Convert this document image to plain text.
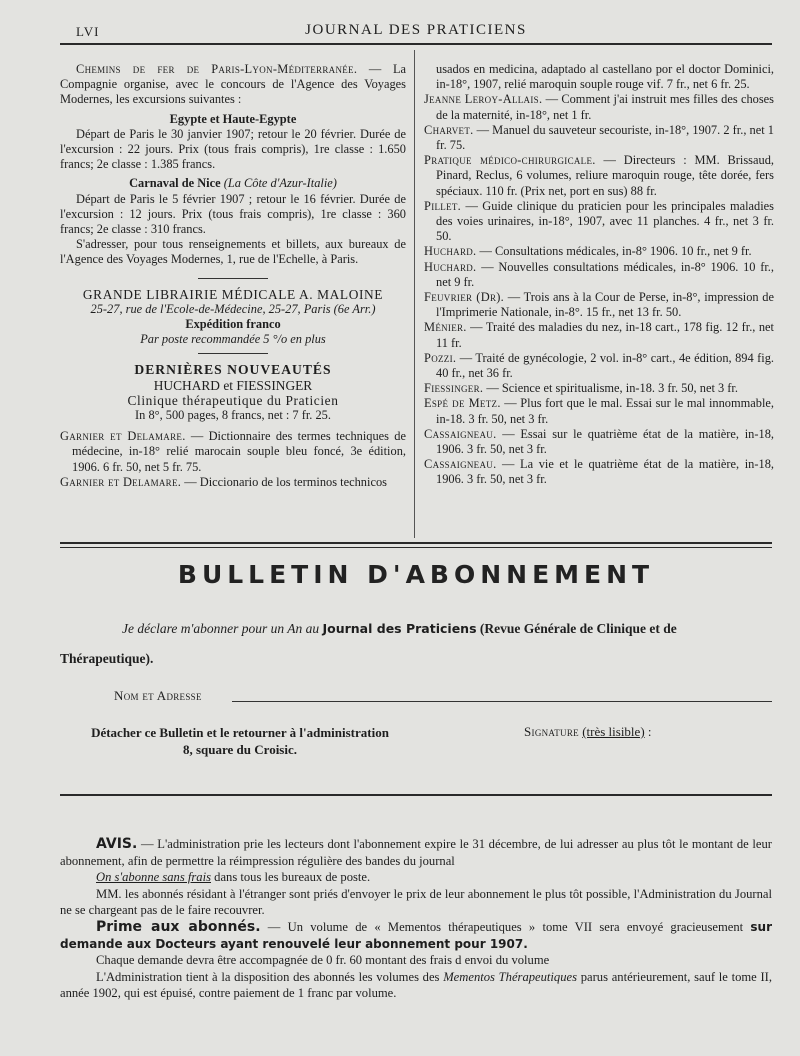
LVI	JOURNAL DES PRATICIENS

Chemins de fer de Paris-Lyon-Méditerranée. — La Compagnie organise, avec le concours de l'Agence des Voyages Modernes, les excursions suivantes :

Egypte et Haute-Egypte

Départ de Paris le 30 janvier 1907; retour le 20 février. Durée de l'excursion : 22 jours. Prix (tous frais compris), 1re classe : 1.650 francs; 2e classe : 1.385 francs.

Carnaval de Nice (La Côte d'Azur-Italie)

Départ de Paris le 5 février 1907 ; retour le 16 février. Durée de l'excursion : 12 jours. Prix (tous frais compris), 1re classe : 360 francs; 2e classe : 310 francs.

S'adresser, pour tous renseignements et billets, aux bureaux de l'Agence des Voyages Modernes, 1, rue de l'Echelle, à Paris.

GRANDE LIBRAIRIE MÉDICALE A. MALOINE

25-27, rue de l'Ecole-de-Médecine, 25-27, Paris (6e Arr.)

Expédition franco

Par poste recommandée 5 °/o en plus

DERNIÈRES NOUVEAUTÉS

HUCHARD et FIESSINGER

Clinique thérapeutique du Praticien

In 8°, 500 pages, 8 francs, net : 7 fr. 25.

Garnier et Delamare. — Dictionnaire des termes techniques de médecine, in-18° relié marocain souple bleu foncé, 3e édition, 1906. 6 fr. 50, net 5 fr. 75.

Garnier et Delamare. — Diccionario de los terminos technicos

usados en medicina, adaptado al castellano por el doctor Dominici, in-18°, 1907, relié maroquin souple rouge vif. 7 fr., net 6 fr. 25.

Jeanne Leroy-Allais. — Comment j'ai instruit mes filles des choses de la maternité, in-18°, net 1 fr.

Charvet. — Manuel du sauveteur secouriste, in-18°, 1907. 2 fr., net 1 fr. 75.

Pratique médico-chirurgicale. — Directeurs : MM. Brissaud, Pinard, Reclus, 6 volumes, reliure maroquin rouge, tête dorée, fers spéciaux. 110 fr. (Prix net, port en sus) 88 fr.

Pillet. — Guide clinique du praticien pour les principales maladies des voies urinaires, in-18°, 1907, avec 11 planches. 4 fr., net 3 fr. 50.

Huchard. — Consultations médicales, in-8° 1906. 10 fr., net 9 fr.

Huchard. — Nouvelles consultations médicales, in-8° 1906. 10 fr., net 9 fr.

Feuvrier (Dr). — Trois ans à la Cour de Perse, in-8°, impression de l'Imprimerie Nationale, in-8°. 15 fr., net 13 fr. 50.

Ménier. — Traité des maladies du nez, in-18 cart., 178 fig. 12 fr., net 11 fr.

Pozzi. — Traité de gynécologie, 2 vol. in-8° cart., 4e édition, 894 fig. 40 fr., net 36 fr.

Fiessinger. — Science et spiritualisme, in-18. 3 fr. 50, net 3 fr.

Espé de Metz. — Plus fort que le mal. Essai sur le mal innommable, in-18. 3 fr. 50, net 3 fr.

Cassaigneau. — Essai sur le quatrième état de la matière, in-18, 1906. 3 fr. 50, net 3 fr.

Cassaigneau. — La vie et le quatrième état de la matière, in-18, 1906. 3 fr. 50, net 3 fr.

BULLETIN D'ABONNEMENT
Je déclare m'abonner pour un An au Journal des Praticiens (Revue Générale de Clinique et de Thérapeutique).
Nom et Adresse
Détacher ce Bulletin et le retourner à l'administration
8, square du Croisic.
Signature (très lisible) :

AVIS. — L'administration prie les lecteurs dont l'abonnement expire le 31 décembre, de lui adresser au plus tôt le montant de leur abonnement, afin de permettre la réimpression régulière des bandes du journal

On s'abonne sans frais dans tous les bureaux de poste.

MM. les abonnés résidant à l'étranger sont priés d'envoyer le prix de leur abonnement le plus tôt possible, l'Administration du Journal ne se chargeant pas de le faire recouvrer.

Prime aux abonnés. — Un volume de « Mementos thérapeutiques » tome VII sera envoyé gracieusement sur demande aux Docteurs ayant renouvelé leur abonnement pour 1907.

Chaque demande devra être accompagnée de 0 fr. 60 montant des frais d envoi du volume

L'Administration tient à la disposition des abonnés les volumes des Mementos Thérapeutiques parus antérieurement, sauf le tome II, année 1902, qui est épuisé, contre paiement de 1 franc par volume.
